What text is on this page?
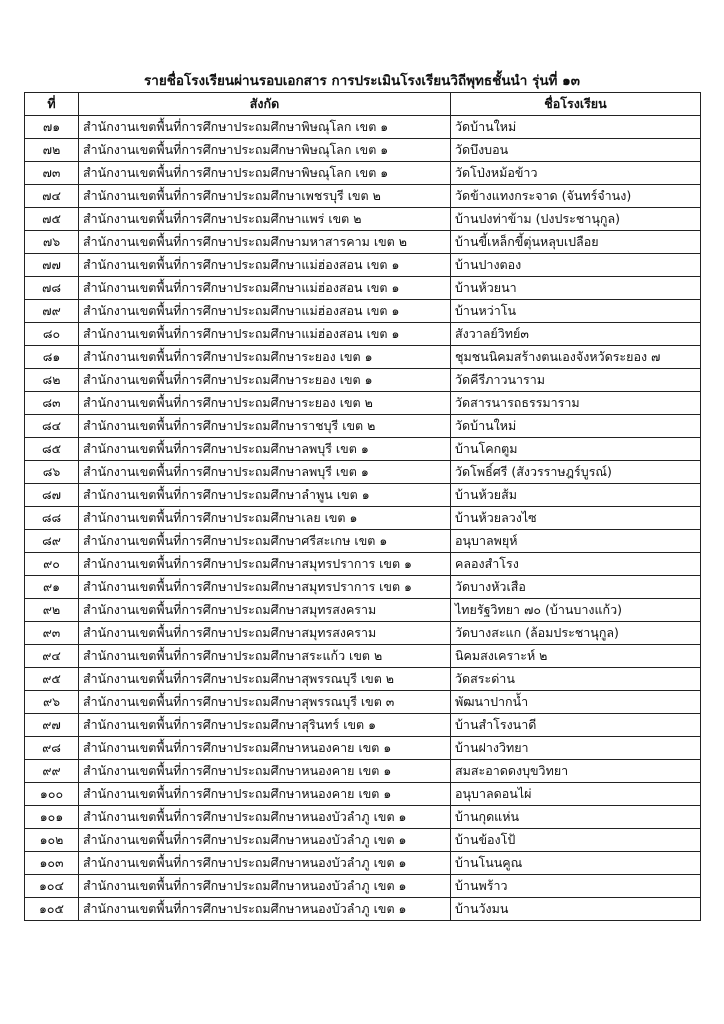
รายชื่อโรงเรียนผ่านรอบเอกสาร การประเมินโรงเรียนวิถีพุทธชั้นนำ รุ่นที่ ๑๓
ที่	สังกัด	ชื่อโรงเรียน
๗๑	สำนักงานเขตพื้นที่การศึกษาประถมศึกษาพิษณุโลก เขต ๑	วัดบ้านใหม่
๗๒	สำนักงานเขตพื้นที่การศึกษาประถมศึกษาพิษณุโลก เขต ๑	วัดบึงบอน
๗๓	สำนักงานเขตพื้นที่การศึกษาประถมศึกษาพิษณุโลก เขต ๑	วัดโป่งหม้อข้าว
๗๔	สำนักงานเขตพื้นที่การศึกษาประถมศึกษาเพชรบุรี เขต ๒	วัดข้างแทงกระจาด (จันทร์จำนง)
๗๕	สำนักงานเขตพื้นที่การศึกษาประถมศึกษาแพร่ เขต ๒	บ้านปงท่าข้าม (ปงประชานุกูล)
๗๖	สำนักงานเขตพื้นที่การศึกษาประถมศึกษามหาสารคาม เขต ๒	บ้านขี้เหล็กขี้ตุ่นหลุบเปลือย
๗๗	สำนักงานเขตพื้นที่การศึกษาประถมศึกษาแม่ฮ่องสอน เขต ๑	บ้านปางตอง
๗๘	สำนักงานเขตพื้นที่การศึกษาประถมศึกษาแม่ฮ่องสอน เขต ๑	บ้านห้วยนา
๗๙	สำนักงานเขตพื้นที่การศึกษาประถมศึกษาแม่ฮ่องสอน เขต ๑	บ้านหว่าโน
๘๐	สำนักงานเขตพื้นที่การศึกษาประถมศึกษาแม่ฮ่องสอน เขต ๑	สังวาลย์วิทย์๓
๘๑	สำนักงานเขตพื้นที่การศึกษาประถมศึกษาระยอง เขต ๑	ชุมชนนิคมสร้างตนเองจังหวัดระยอง ๗
๘๒	สำนักงานเขตพื้นที่การศึกษาประถมศึกษาระยอง เขต ๑	วัดคีรีภาวนาราม
๘๓	สำนักงานเขตพื้นที่การศึกษาประถมศึกษาระยอง เขต ๒	วัดสารนารถธรรมาราม
๘๔	สำนักงานเขตพื้นที่การศึกษาประถมศึกษาราชบุรี เขต ๒	วัดบ้านใหม่
๘๕	สำนักงานเขตพื้นที่การศึกษาประถมศึกษาลพบุรี เขต ๑	บ้านโคกตูม
๘๖	สำนักงานเขตพื้นที่การศึกษาประถมศึกษาลพบุรี เขต ๑	วัดโพธิ์ศรี (สังวรราษฎร์บูรณ์)
๘๗	สำนักงานเขตพื้นที่การศึกษาประถมศึกษาลำพูน เขต ๑	บ้านห้วยส้ม
๘๘	สำนักงานเขตพื้นที่การศึกษาประถมศึกษาเลย เขต ๑	บ้านห้วยลวงไซ
๘๙	สำนักงานเขตพื้นที่การศึกษาประถมศึกษาศรีสะเกษ เขต ๑	อนุบาลพยุห์
๙๐	สำนักงานเขตพื้นที่การศึกษาประถมศึกษาสมุทรปราการ เขต ๑	คลองสำโรง
๙๑	สำนักงานเขตพื้นที่การศึกษาประถมศึกษาสมุทรปราการ เขต ๑	วัดบางหัวเสือ
๙๒	สำนักงานเขตพื้นที่การศึกษาประถมศึกษาสมุทรสงคราม	ไทยรัฐวิทยา ๗๐ (บ้านบางแก้ว)
๙๓	สำนักงานเขตพื้นที่การศึกษาประถมศึกษาสมุทรสงคราม	วัดบางสะแก (ล้อมประชานุกูล)
๙๔	สำนักงานเขตพื้นที่การศึกษาประถมศึกษาสระแก้ว เขต ๒	นิคมสงเคราะห์ ๒
๙๕	สำนักงานเขตพื้นที่การศึกษาประถมศึกษาสุพรรณบุรี เขต ๒	วัดสระด่าน
๙๖	สำนักงานเขตพื้นที่การศึกษาประถมศึกษาสุพรรณบุรี เขต ๓	พัฒนาปากน้ำ
๙๗	สำนักงานเขตพื้นที่การศึกษาประถมศึกษาสุรินทร์ เขต ๑	บ้านสำโรงนาดี
๙๘	สำนักงานเขตพื้นที่การศึกษาประถมศึกษาหนองคาย เขต ๑	บ้านฝางวิทยา
๙๙	สำนักงานเขตพื้นที่การศึกษาประถมศึกษาหนองคาย เขต ๑	สมสะอาดดงบุขวิทยา
๑๐๐	สำนักงานเขตพื้นที่การศึกษาประถมศึกษาหนองคาย เขต ๑	อนุบาลดอนไผ่
๑๐๑	สำนักงานเขตพื้นที่การศึกษาประถมศึกษาหนองบัวลำภู เขต ๑	บ้านกุดแห่น
๑๐๒	สำนักงานเขตพื้นที่การศึกษาประถมศึกษาหนองบัวลำภู เขต ๑	บ้านข้องโป้
๑๐๓	สำนักงานเขตพื้นที่การศึกษาประถมศึกษาหนองบัวลำภู เขต ๑	บ้านโนนคูณ
๑๐๔	สำนักงานเขตพื้นที่การศึกษาประถมศึกษาหนองบัวลำภู เขต ๑	บ้านพร้าว
๑๐๕	สำนักงานเขตพื้นที่การศึกษาประถมศึกษาหนองบัวลำภู เขต ๑	บ้านวังมน
